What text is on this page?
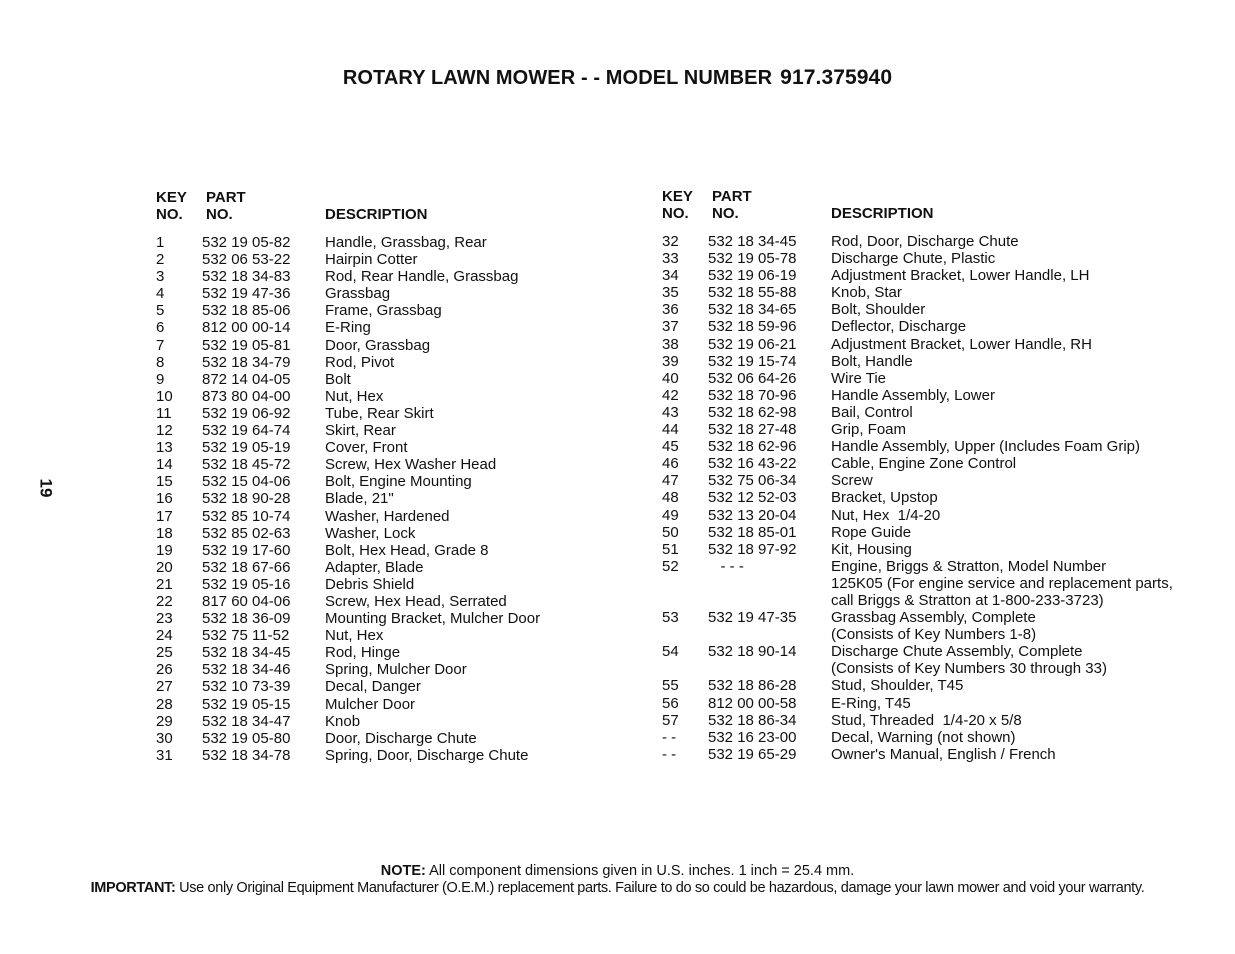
ROTARY LAWN MOWER - - MODEL NUMBER 917.375940
19
KEY
NO.
PART
NO.	DESCRIPTION
1	532 19 05-82 Handle, Grassbag, Rear
2	532 06 53-22 Hairpin Cotter
3	532 18 34-83 Rod, Rear Handle, Grassbag
4	532 19 47-36 Grassbag
5	532 18 85-06 Frame, Grassbag
6	812 00 00-14 E-Ring
7	532 19 05-81 Door, Grassbag
8	532 18 34-79 Rod, Pivot
9	872 14 04-05 Bolt
10 873 80 04-00 Nut, Hex
11 532 19 06-92 Tube, Rear Skirt
12 532 19 64-74 Skirt, Rear
13 532 19 05-19 Cover, Front
14 532 18 45-72 Screw, Hex Washer Head
15 532 15 04-06 Bolt, Engine Mounting
16 532 18 90-28 Blade, 21"
17 532 85 10-74 Washer, Hardened
18 532 85 02-63 Washer, Lock
19 532 19 17-60 Bolt, Hex Head, Grade 8
20 532 18 67-66 Adapter, Blade
21 532 19 05-16 Debris Shield
22 817 60 04-06 Screw, Hex Head, Serrated
23 532 18 36-09 Mounting Bracket, Mulcher Door
24 532 75 11-52 Nut, Hex
25 532 18 34-45 Rod, Hinge
26 532 18 34-46 Spring, Mulcher Door
27 532 10 73-39 Decal, Danger
28 532 19 05-15 Mulcher Door
29 532 18 34-47 Knob
30 532 19 05-80 Door, Discharge Chute
31 532 18 34-78 Spring, Door, Discharge Chute
KEY
NO.
PART
NO.	DESCRIPTION
32 532 18 34-45 Rod, Door, Discharge Chute
33 532 19 05-78 Discharge Chute, Plastic
34 532 19 06-19 Adjustment Bracket, Lower Handle, LH
35 532 18 55-88 Knob, Star
36 532 18 34-65 Bolt, Shoulder
37 532 18 59-96 Deflector, Discharge
38 532 19 06-21 Adjustment Bracket, Lower Handle, RH
39 532 19 15-74 Bolt, Handle
40 532 06 64-26 Wire Tie
42 532 18 70-96 Handle Assembly, Lower
43 532 18 62-98 Bail, Control
44 532 18 27-48 Grip, Foam
45 532 18 62-96 Handle Assembly, Upper (Includes Foam Grip)
46 532 16 43-22 Cable, Engine Zone Control
47 532 75 06-34 Screw
48 532 12 52-03 Bracket, Upstop
49 532 13 20-04 Nut, Hex  1/4-20
50 532 18 85-01 Rope Guide
51 532 18 97-92 Kit, Housing
52 - - -	Engine, Briggs & Stratton, Model Number
125K05 (For engine service and replacement parts,
call Briggs & Stratton at 1-800-233-3723)
53 532 19 47-35 Grassbag Assembly, Complete
(Consists of Key Numbers 1-8)
54 532 18 90-14 Discharge Chute Assembly, Complete
(Consists of Key Numbers 30 through 33)
55 532 18 86-28 Stud, Shoulder, T45
56 812 00 00-58 E-Ring, T45
57 532 18 86-34 Stud, Threaded  1/4-20 x 5/8
- - 532 16 23-00 Decal, Warning (not shown)
- - 532 19 65-29 Owner's Manual, English / French
NOTE: All component dimensions given in U.S. inches. 1 inch = 25.4 mm.
IMPORTANT: Use only Original Equipment Manufacturer (O.E.M.) replacement parts. Failure to do so could be hazardous, damage your lawn mower and void your warranty.
